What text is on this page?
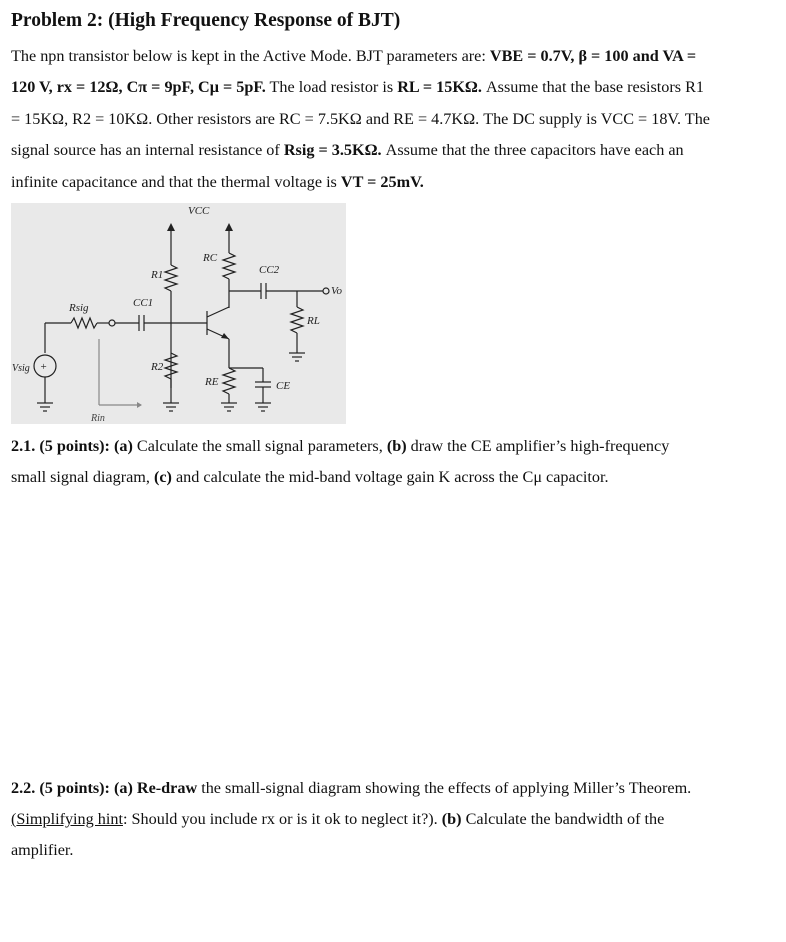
Problem 2: (High Frequency Response of BJT)
The npn transistor below is kept in the Active Mode. BJT parameters are: VBE = 0.7V, β = 100 and VA =
120 V, rx = 12Ω, Cπ = 9pF, Cμ = 5pF. The load resistor is RL = 15KΩ. Assume that the base resistors R1
= 15KΩ, R2 = 10KΩ. Other resistors are RC = 7.5KΩ and RE = 4.7KΩ. The DC supply is VCC = 18V. The
signal source has an internal resistance of Rsig = 3.5KΩ. Assume that the three capacitors have each an
infinite capacitance and that the thermal voltage is VT = 25mV.
VCC
R1
R2
RC
RE	CE
CC2
Vo
RL
CC1
Rsig
+
Vsig
Rin
2.1. (5 points): (a) Calculate the small signal parameters, (b) draw the CE amplifier’s high-frequency
small signal diagram, (c) and calculate the mid-band voltage gain K across the Cμ capacitor.
2.2. (5 points): (a) Re-draw the small-signal diagram showing the effects of applying Miller’s Theorem.
(Simplifying hint: Should you include rx or is it ok to neglect it?). (b) Calculate the bandwidth of the
amplifier.
